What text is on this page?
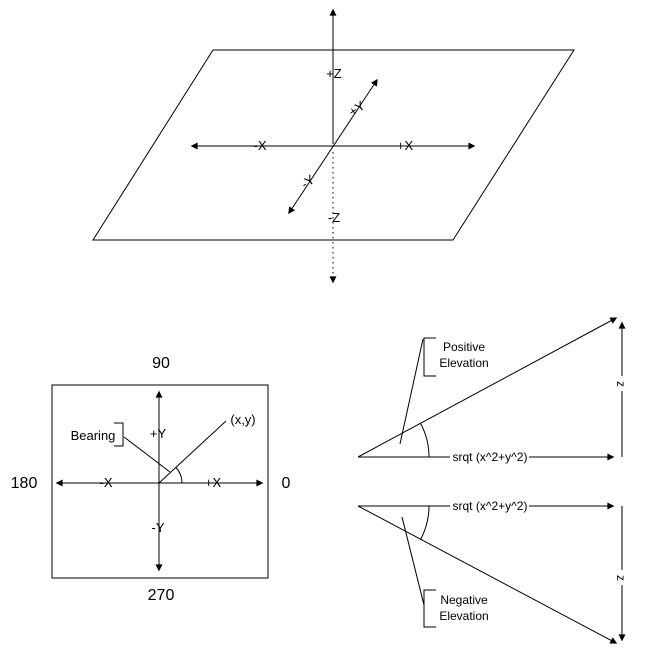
+Z
-Z
-X	+X
+Y
-Y
90
270
180	0
+Y
-Y
-X	+X
Bearing
(x,y)
srqt (x^2+y^2)
z
Positive
Elevation
srqt (x^2+y^2)
z
Negative
Elevation
